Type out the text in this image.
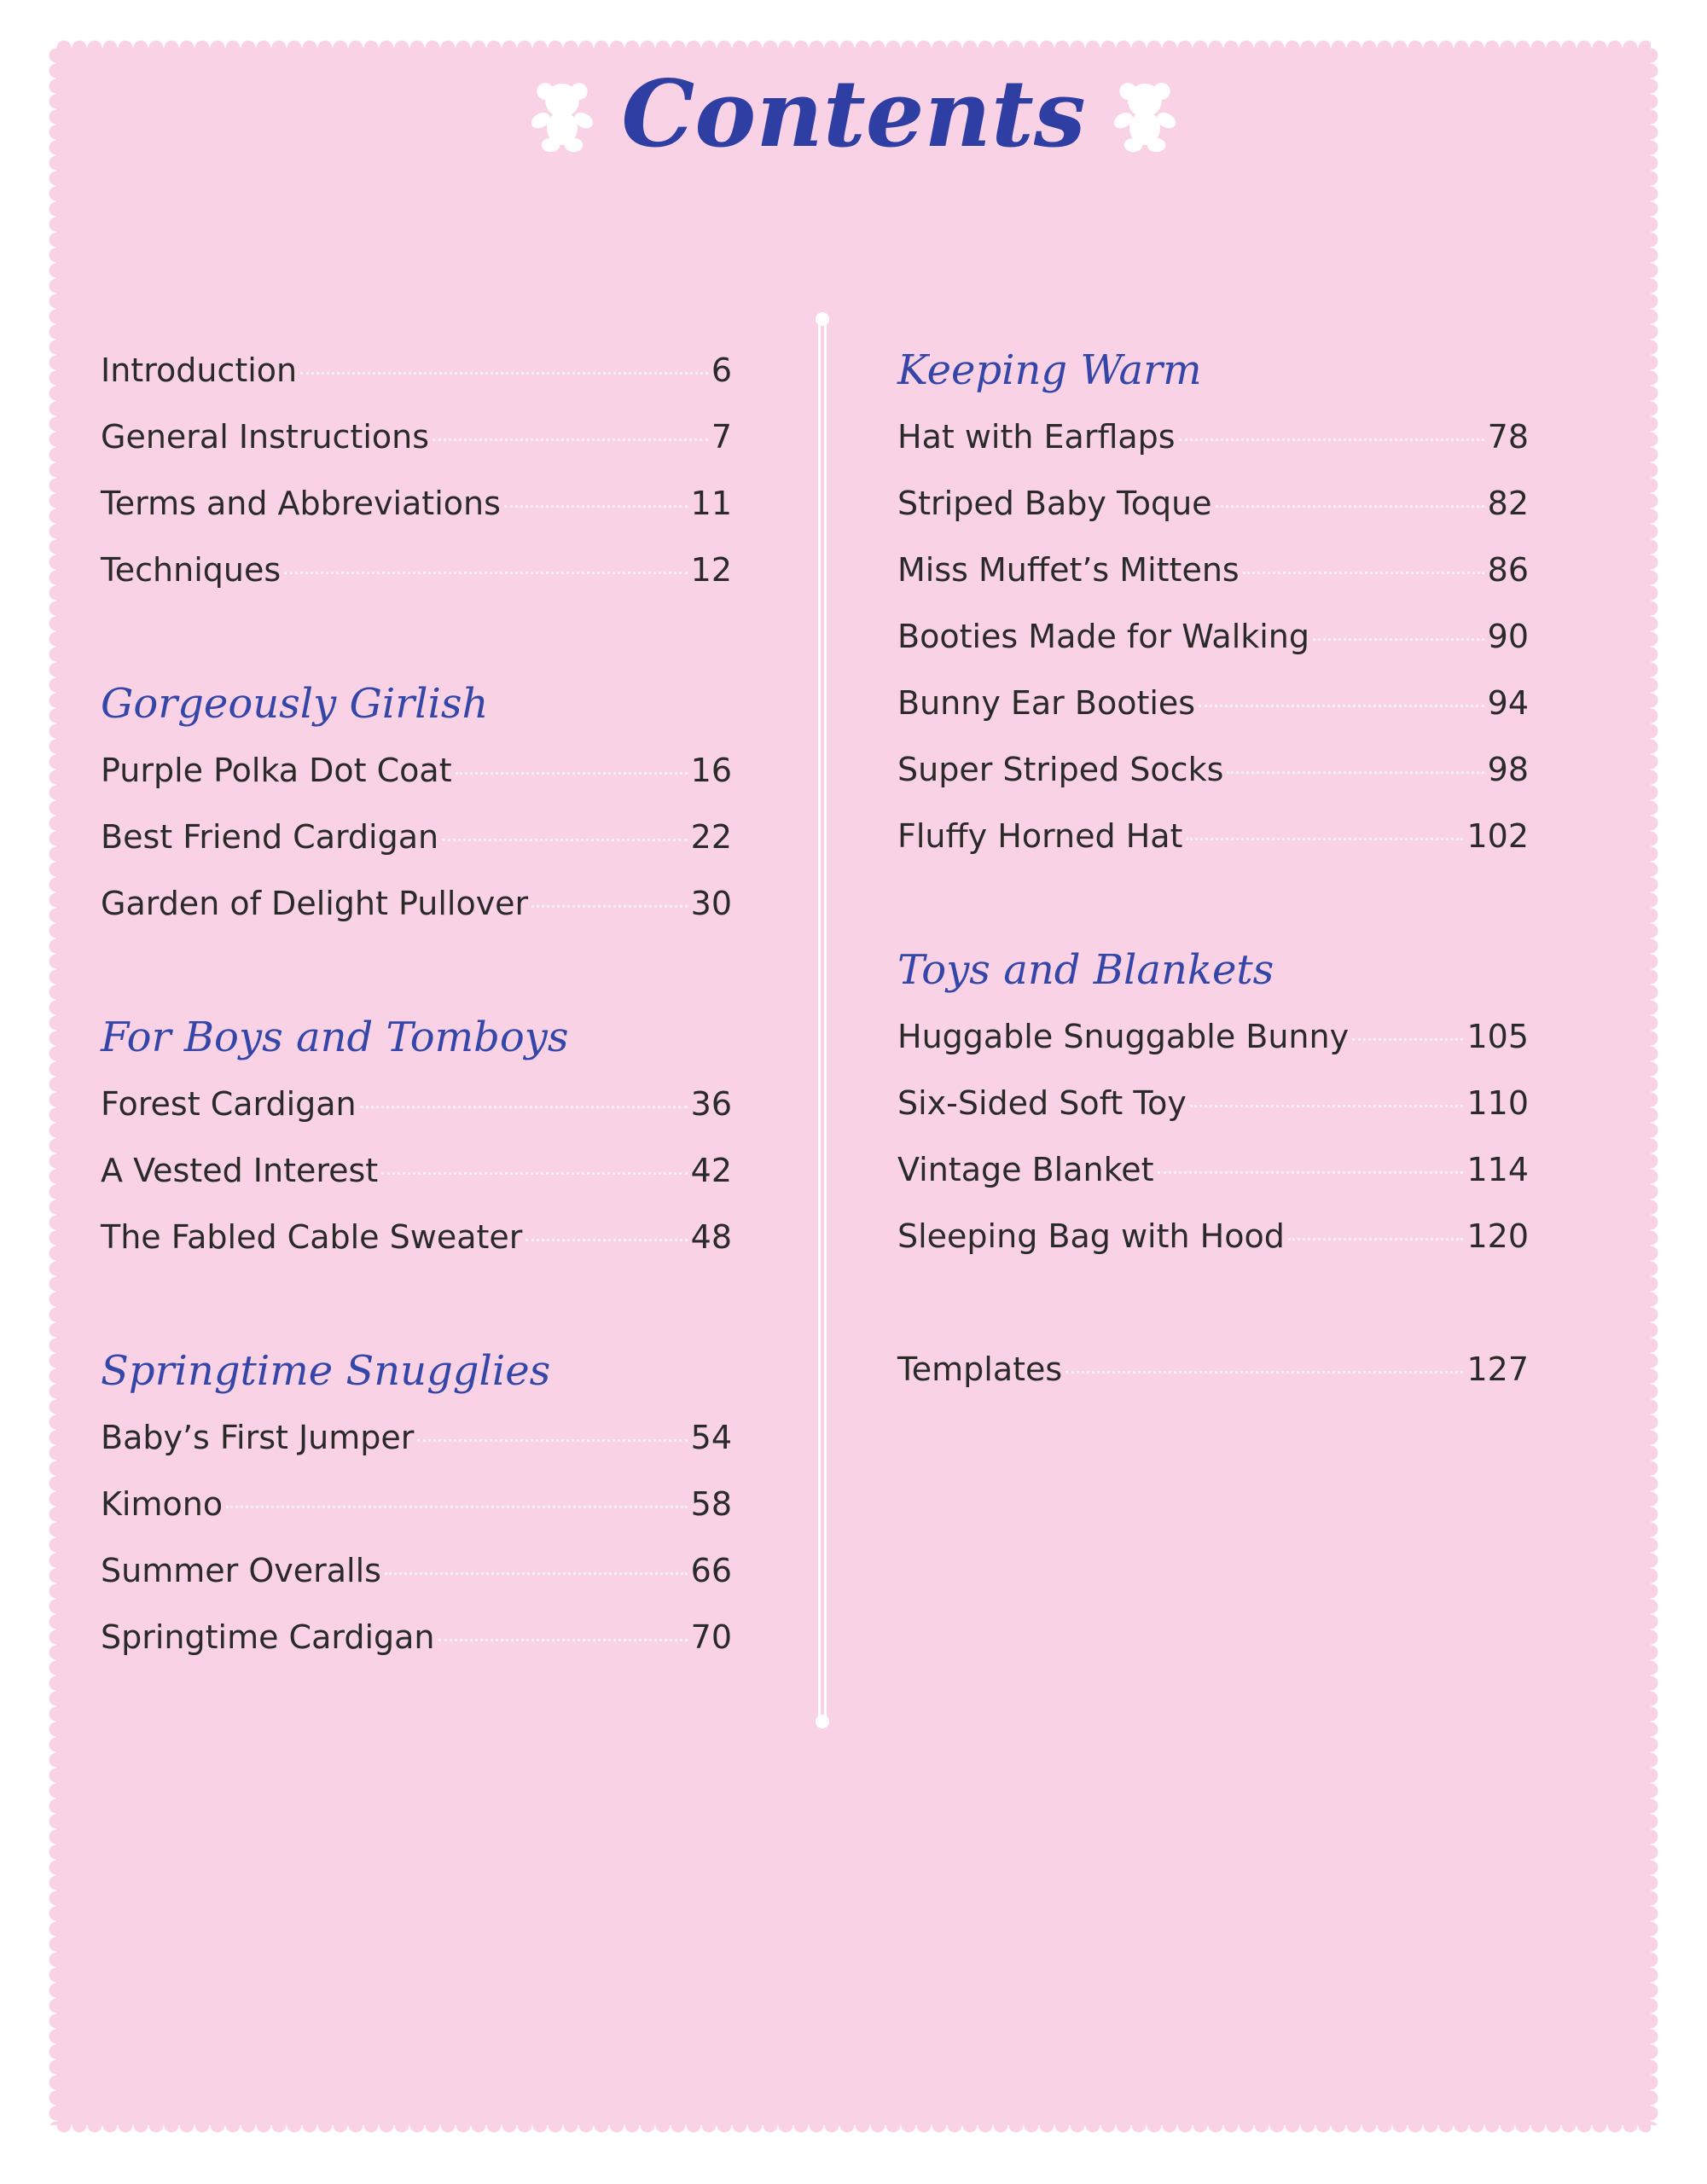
Contents
Introduction	6
General Instructions	7
Terms and Abbreviations	11
Techniques	12
Gorgeously Girlish
Purple Polka Dot Coat	16
Best Friend Cardigan	22
Garden of Delight Pullover	30
For Boys and Tomboys
Forest Cardigan	36
A Vested Interest	42
The Fabled Cable Sweater	48
Springtime Snugglies
Baby’s First Jumper	54
Kimono	58
Summer Overalls	66
Springtime Cardigan	70
Keeping Warm
Hat with Earflaps	78
Striped Baby Toque	82
Miss Muffet’s Mittens	86
Booties Made for Walking	90
Bunny Ear Booties	94
Super Striped Socks	98
Fluffy Horned Hat	102
Toys and Blankets
Huggable Snuggable Bunny	105
Six-Sided Soft Toy	110
Vintage Blanket	114
Sleeping Bag with Hood	120
Templates	127
